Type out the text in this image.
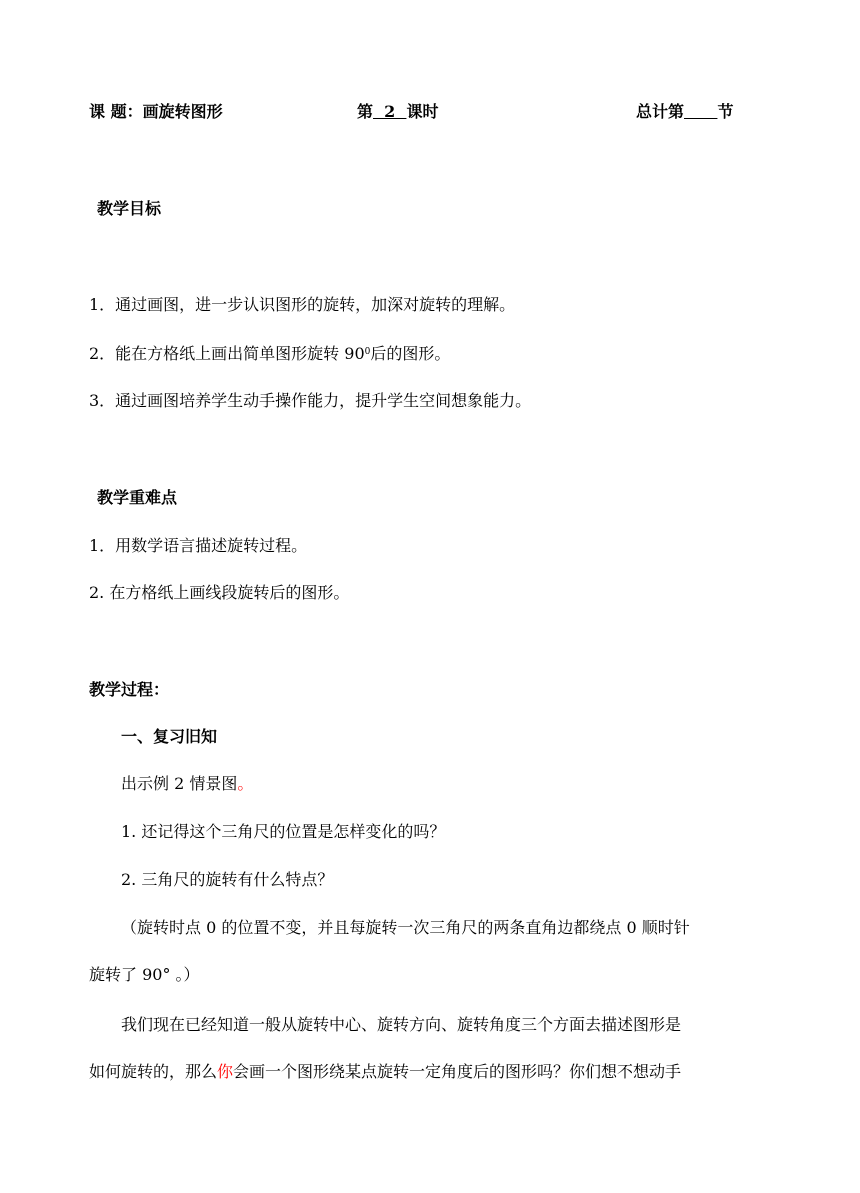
课 题：画旋转图形	第  2  课时	总计第 节
教学目标
1．通过画图，进一步认识图形的旋转，加深对旋转的理解。
2．能在方格纸上画出简单图形旋转 $90^0$后的图形。
3．通过画图培养学生动手操作能力，提升学生空间想象能力。
教学重难点
1．用数学语言描述旋转过程。
2. 在方格纸上画线段旋转后的图形。
教学过程：
一、复习旧知
出示例 2 情景图。
1. 还记得这个三角尺的位置是怎样变化的吗？
2. 三角尺的旋转有什么特点？
（旋转时点 0 的位置不变，并且每旋转一次三角尺的两条直角边都绕点 0 顺时针
旋转了 90° 。）
我们现在已经知道一般从旋转中心、旋转方向、旋转角度三个方面去描述图形是
如何旋转的，那么你会画一个图形绕某点旋转一定角度后的图形吗？你们想不想动手
